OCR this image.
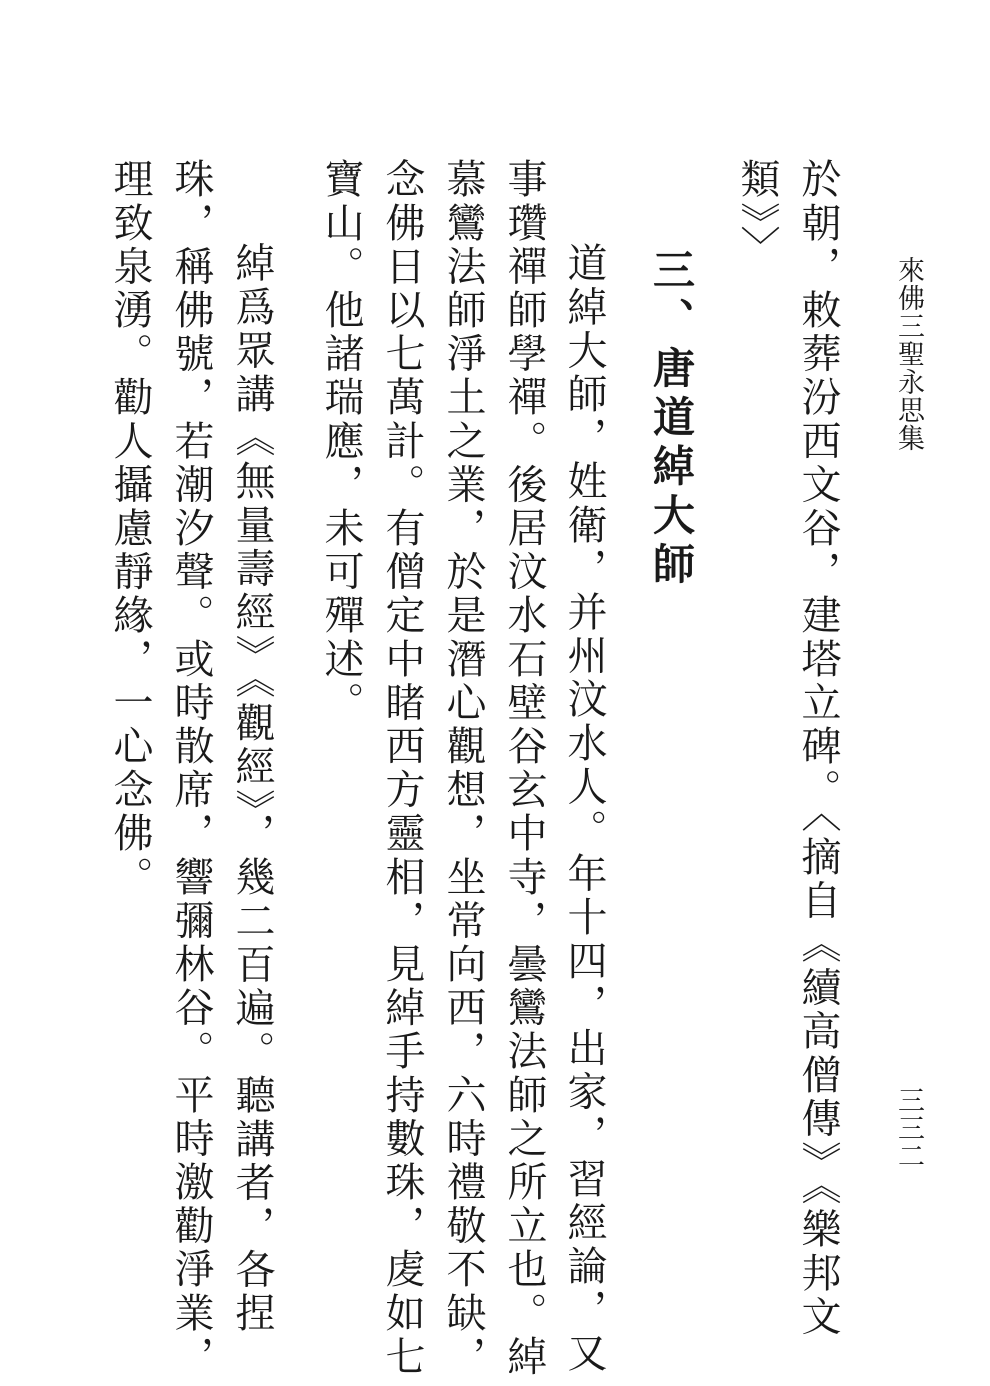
來佛三聖永思集
三三二
於朝，敕葬汾西文谷，建塔立碑。〈摘自《續高僧傳》《樂邦文
類》〉
三、唐道綽大師
道綽大師，姓衛，并州汶水人。年十四，出家，習經論，又
事瓚禪師學禪。後居汶水石壁谷玄中寺，曇鸞法師之所立也。綽
慕鸞法師淨土之業，於是潛心觀想，坐常向西，六時禮敬不缺，
念佛日以七萬計。有僧定中睹西方靈相，見綽手持數珠，䖍如七
寶山。他諸瑞應，未可殫述。
綽爲眾講《無量壽經》《觀經》，幾二百遍。聽講者，各捏
珠，稱佛號，若潮汐聲。或時散席，響彌林谷。平時激勸淨業，
理致泉湧。勸人攝慮靜緣，一心念佛。
